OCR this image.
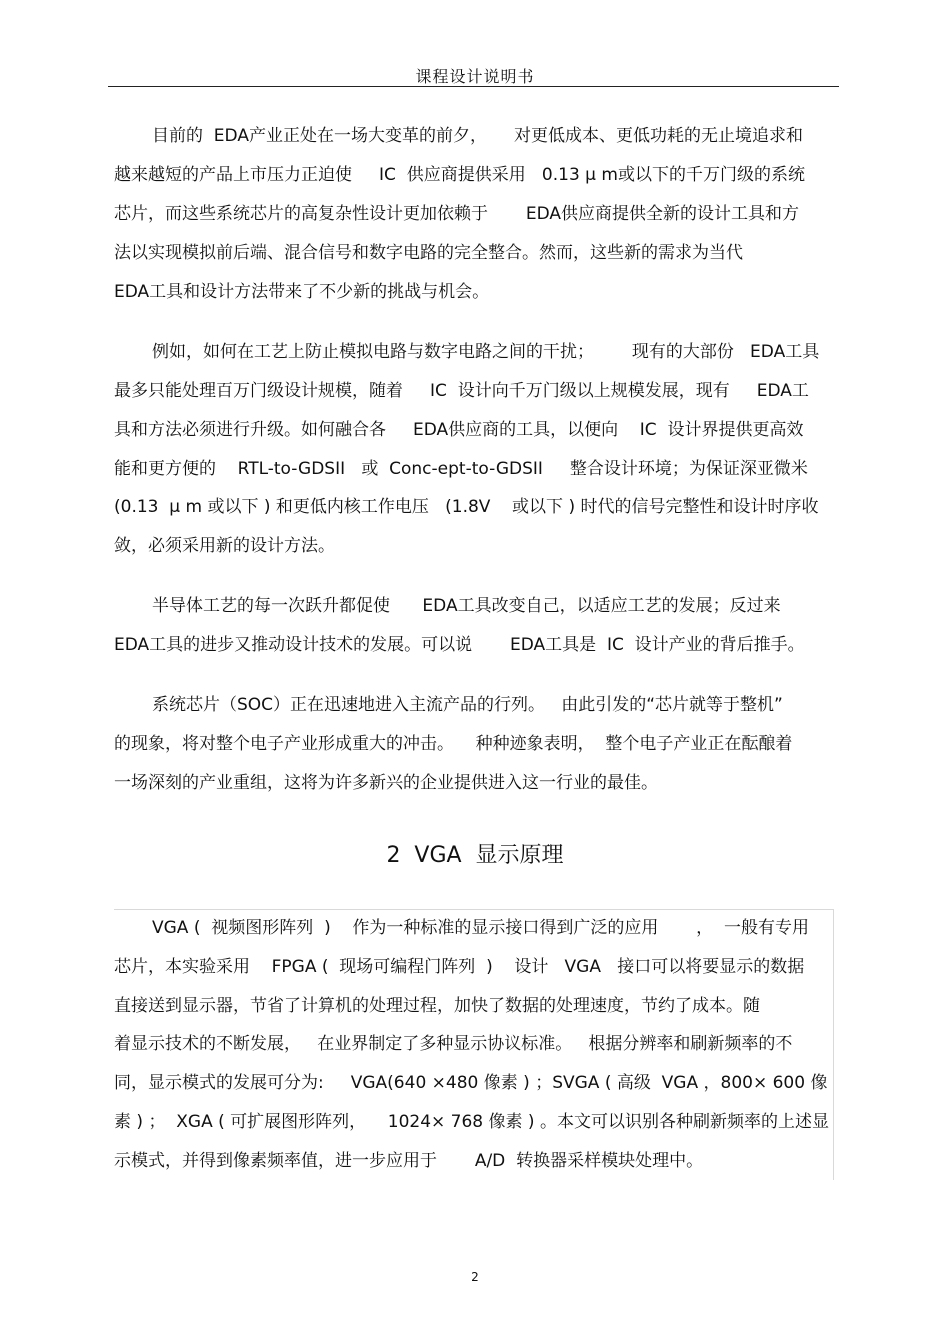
课程设计说明书
目前的  EDA产业正处在一场大变革的前夕，     对更低成本、更低功耗的无止境追求和
越来越短的产品上市压力正迫使     IC  供应商提供采用   0.13 μ m或以下的千万门级的系统
芯片，而这些系统芯片的高复杂性设计更加依赖于       EDA供应商提供全新的设计工具和方
法以实现模拟前后端、混合信号和数字电路的完全整合。然而，这些新的需求为当代
EDA工具和设计方法带来了不少新的挑战与机会。
例如，如何在工艺上防止模拟电路与数字电路之间的干扰；       现有的大部份   EDA工具
最多只能处理百万门级设计规模，随着     IC  设计向千万门级以上规模发展，现有     EDA工
具和方法必须进行升级。如何融合各     EDA供应商的工具，以便向    IC  设计界提供更高效
能和更方便的    RTL-to-GDSII   或  Conc-ept-to-GDSII     整合设计环境；为保证深亚微米
(0.13  μ m 或以下 ) 和更低内核工作电压   (1.8V    或以下 ) 时代的信号完整性和设计时序收
敛，必须采用新的设计方法。
半导体工艺的每一次跃升都促使      EDA工具改变自己，以适应工艺的发展；反过来
EDA工具的进步又推动设计技术的发展。可以说       EDA工具是  IC  设计产业的背后推手。
系统芯片（SOC）正在迅速地进入主流产品的行列。   由此引发的“芯片就等于整机”
的现象，将对整个电子产业形成重大的冲击。    种种迹象表明，  整个电子产业正在酝酿着
一场深刻的产业重组，这将为许多新兴的企业提供进入这一行业的最佳。
2  VGA  显示原理
VGA (  视频图形阵列  )    作为一种标准的显示接口得到广泛的应用       ，  一般有专用
芯片，本实验采用    FPGA (  现场可编程门阵列  )    设计   VGA   接口可以将要显示的数据
直接送到显示器，节省了计算机的处理过程，加快了数据的处理速度，节约了成本。随
着显示技术的不断发展，   在业界制定了多种显示协议标准。   根据分辨率和刷新频率的不
同，显示模式的发展可分为:     VGA(640 ×480 像素 ) ；SVGA ( 高级  VGA ，800× 600 像
素 ) ；  XGA ( 可扩展图形阵列，    1024× 768 像素 ) 。本文可以识别各种刷新频率的上述显
示模式，并得到像素频率值，进一步应用于       A/D  转换器采样模块处理中。
2
